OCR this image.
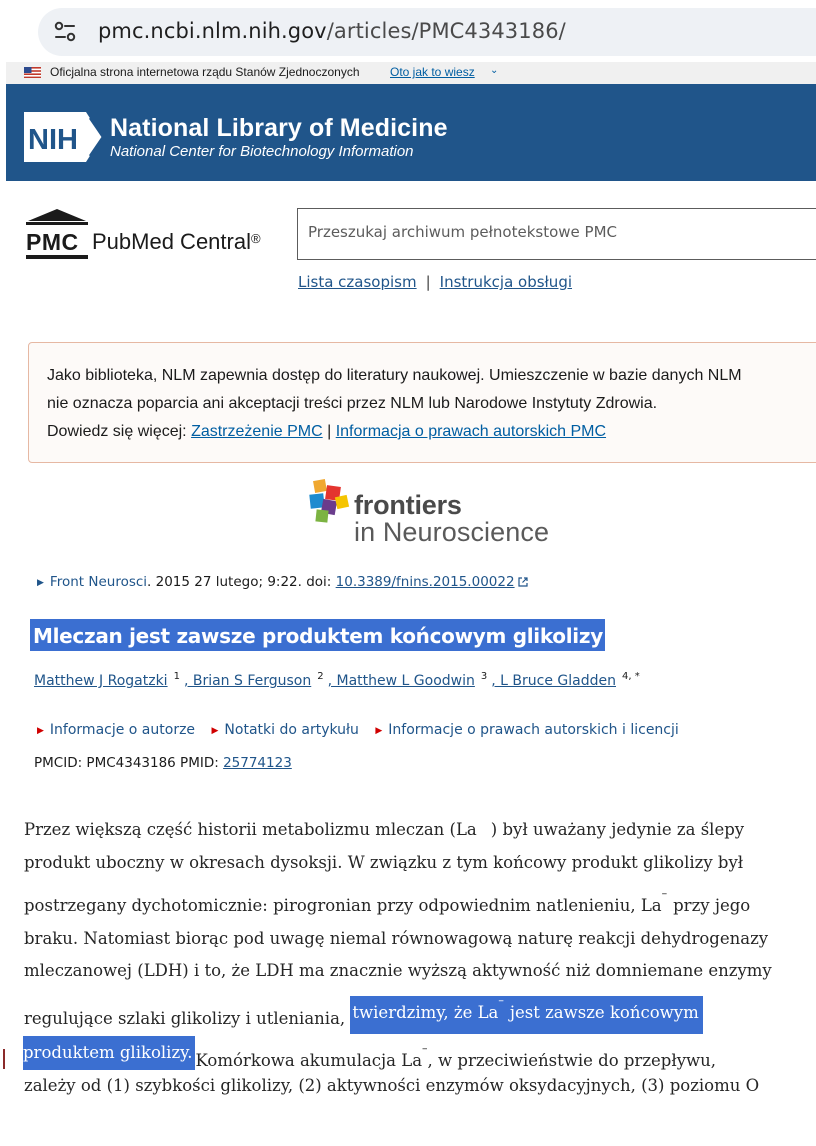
pmc.ncbi.nlm.nih.gov/articles/PMC4343186/
Oficjalna strona internetowa rządu Stanów Zjednoczonych	Oto jak to wiesz ⌄
NIH National Library of Medicine
National Center for Biotechnology Information
PMC PubMed Central®
Przeszukaj archiwum pełnotekstowe PMC
Lista czasopism | Instrukcja obsługi
Jako biblioteka, NLM zapewnia dostęp do literatury naukowej. Umieszczenie w bazie danych NLM
nie oznacza poparcia ani akceptacji treści przez NLM lub Narodowe Instytuty Zdrowia.
Dowiedz się więcej: Zastrzeżenie PMC | Informacja o prawach autorskich PMC
frontiers
in Neuroscience
▶ Front Neurosci. 2015 27 lutego; 9:22. doi: 10.3389/fnins.2015.00022
Mleczan jest zawsze produktem końcowym glikolizy
Matthew J Rogatzki $^1$ , Brian S Ferguson $^2$ , Matthew L Goodwin $^3$ , L Bruce Gladden $^{4, *}$
▶ Informacje o autorze ▶ Notatki do artykułu ▶ Informacje o prawach autorskich i licencji
PMCID: PMC4343186 PMID: 25774123
Przez większą część historii metabolizmu mleczan (La ) był uważany jedynie za ślepy
produkt uboczny w okresach dysoksji. W związku z tym końcowy produkt glikolizy był
postrzegany dychotomicznie: pirogronian przy odpowiednim natlenieniu, La–przy jego
braku. Natomiast biorąc pod uwagę niemal równowagową naturę reakcji dehydrogenazy
mleczanowej (LDH) i to, że LDH ma znacznie wyższą aktywność niż domniemane enzymy
regulujące szlaki glikolizy i utleniania, twierdzimy, że La–jest zawsze końcowym
produktem glikolizy. Komórkowa akumulacja La–, w przeciwieństwie do przepływu,
zależy od (1) szybkości glikolizy, (2) aktywności enzymów oksydacyjnych, (3) poziomu O
